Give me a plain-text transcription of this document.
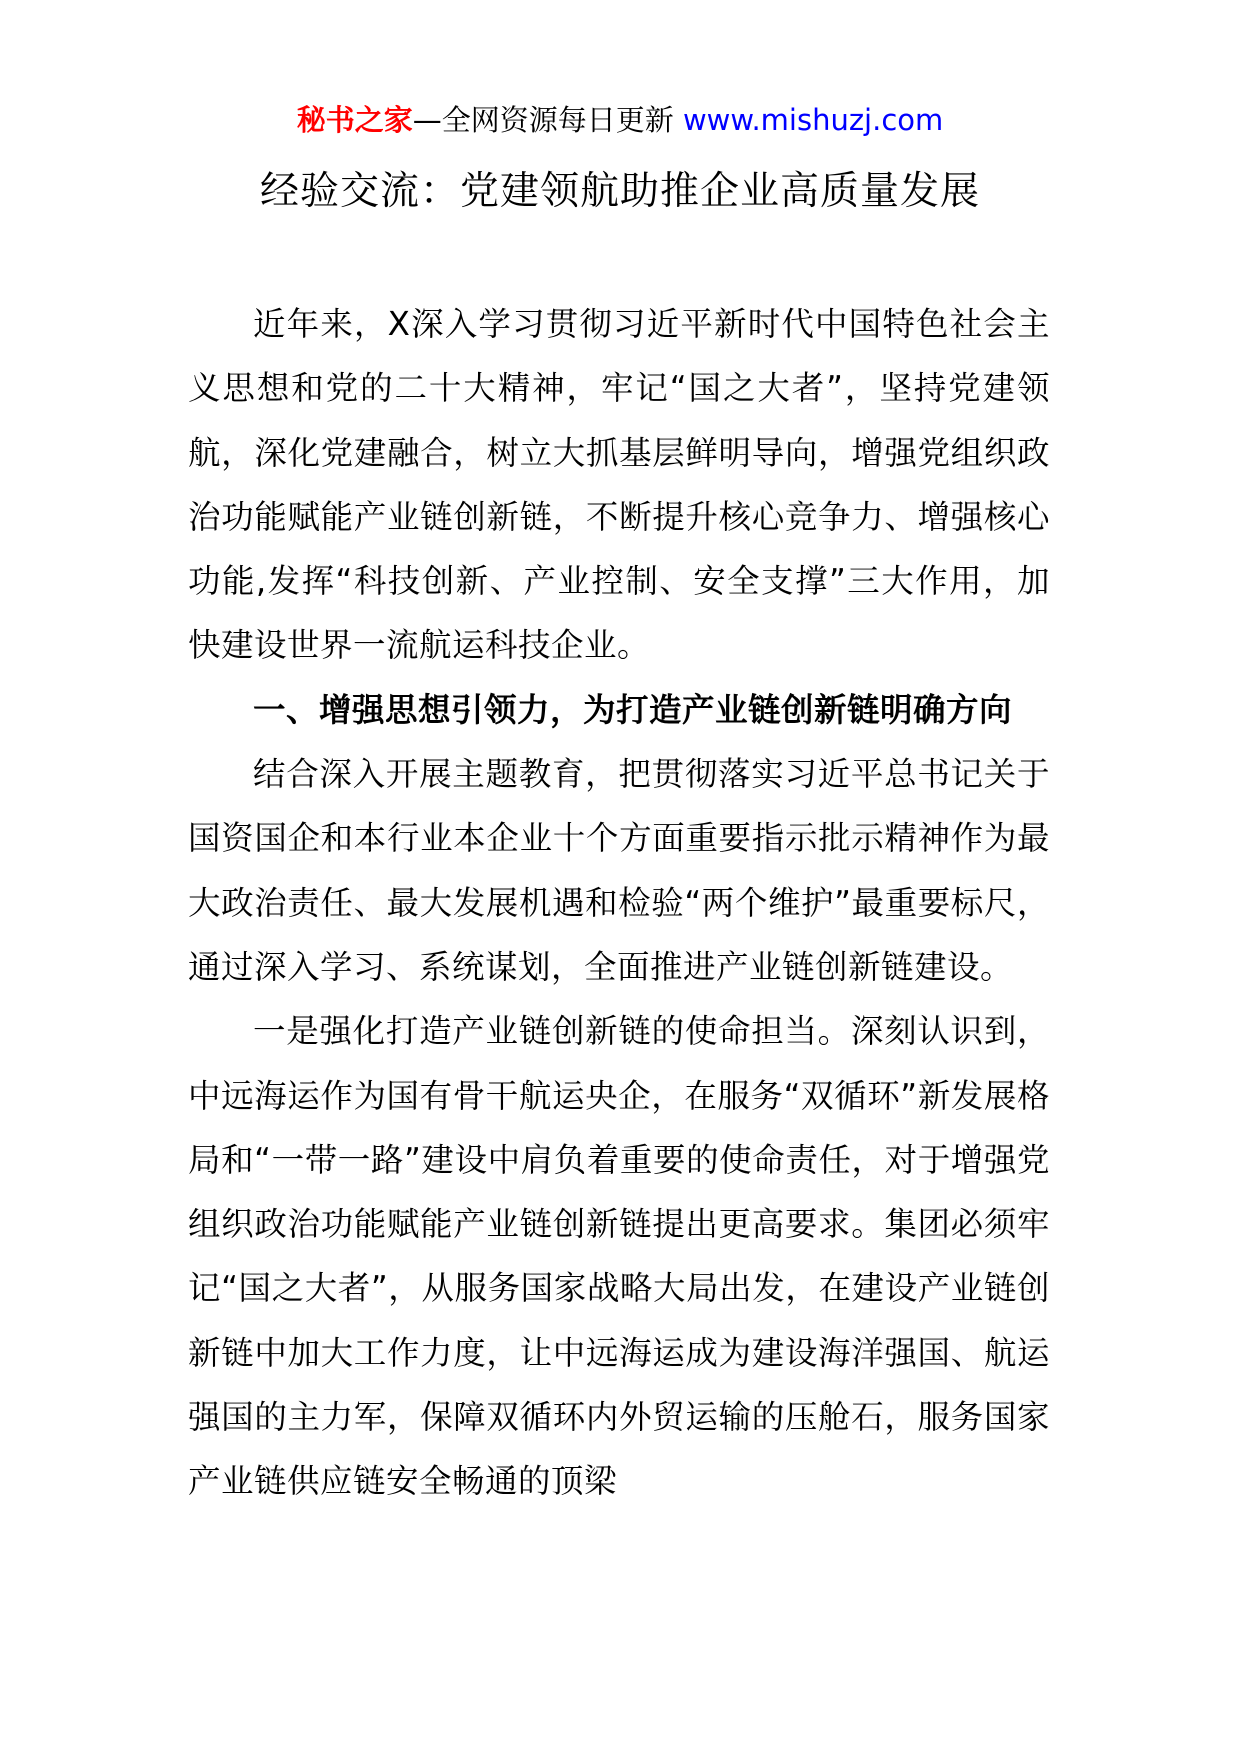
秘书之家—全网资源每日更新 www.mishuzj.com
经验交流：党建领航助推企业高质量发展

近年来，X深入学习贯彻习近平新时代中国特色社会主义思想和党的二十大精神，牢记“国之大者”，坚持党建领航，深化党建融合，树立大抓基层鲜明导向，增强党组织政治功能赋能产业链创新链，不断提升核心竞争力、增强核心功能,发挥“科技创新、产业控制、安全支撑”三大作用，加快建设世界一流航运科技企业。

一、增强思想引领力，为打造产业链创新链明确方向

结合深入开展主题教育，把贯彻落实习近平总书记关于国资国企和本行业本企业十个方面重要指示批示精神作为最大政治责任、最大发展机遇和检验“两个维护”最重要标尺，通过深入学习、系统谋划，全面推进产业链创新链建设。

一是强化打造产业链创新链的使命担当。深刻认识到，中远海运作为国有骨干航运央企，在服务“双循环”新发展格局和“一带一路”建设中肩负着重要的使命责任，对于增强党组织政治功能赋能产业链创新链提出更高要求。集团必须牢记“国之大者”，从服务国家战略大局出发，在建设产业链创新链中加大工作力度，让中远海运成为建设海洋强国、航运强国的主力军，保障双循环内外贸运输的压舱石，服务国家产业链供应链安全畅通的顶梁
